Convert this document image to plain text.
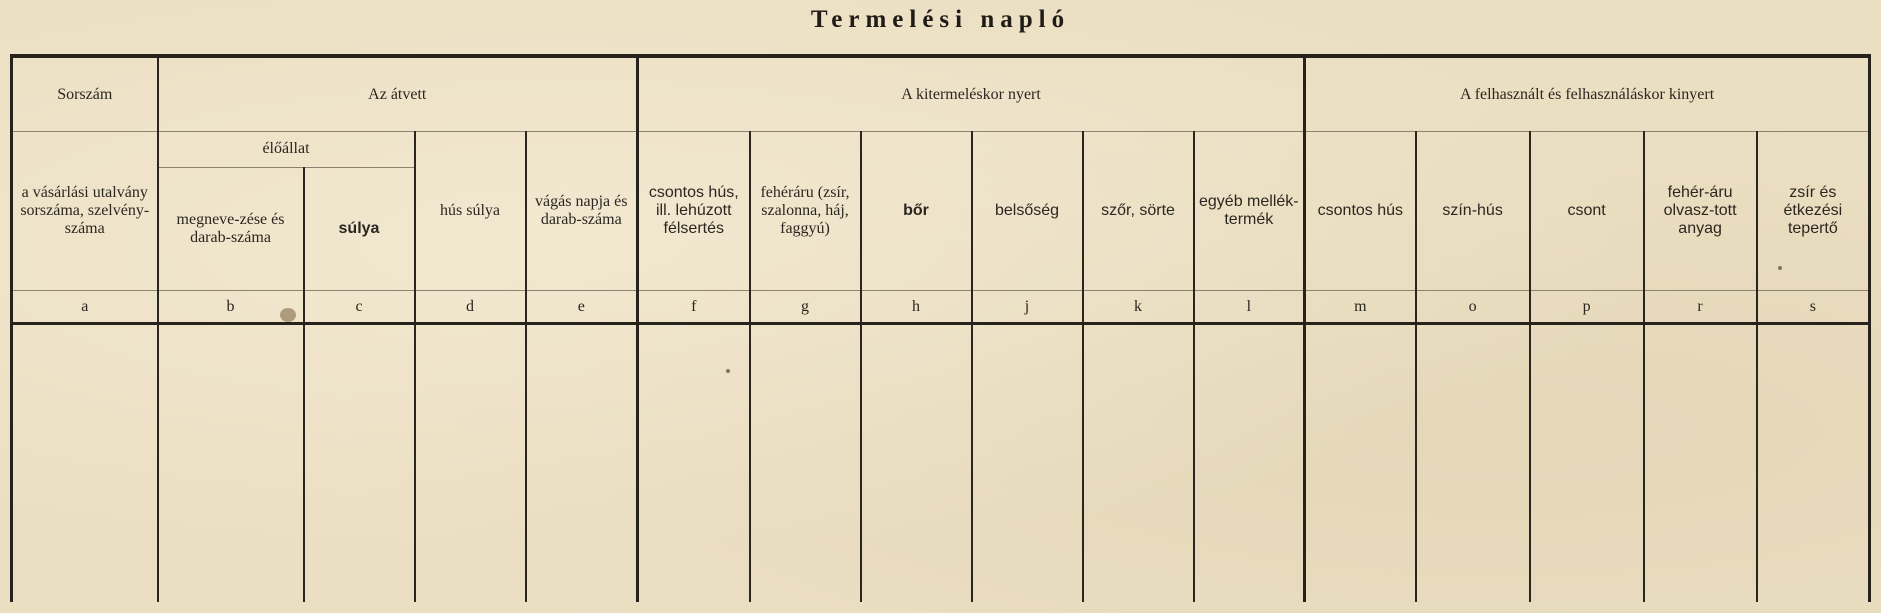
Termelési napló
Sorszám	Az átvett				A kitermeléskor nyert						A felhasznált és felhasználáskor kinyert				
a vásárlási utalvány sorszáma, szelvény-száma	élőállat		hús súlya	vágás napja és darab-száma	csontos hús, ill. lehúzott félsertés	fehéráru (zsír, szalonna, háj, faggyú)	bőr	belsőség	szőr, sörte	egyéb mellék-termék	csontos hús	szín-hús	csont	fehér-áru olvasz-tott anyag	zsír és étkezési tepertő
	megneve-zése és darab-száma	súlya													
a	b	c	d	e	f	g	h	j	k	l	m	o	p	r	s
